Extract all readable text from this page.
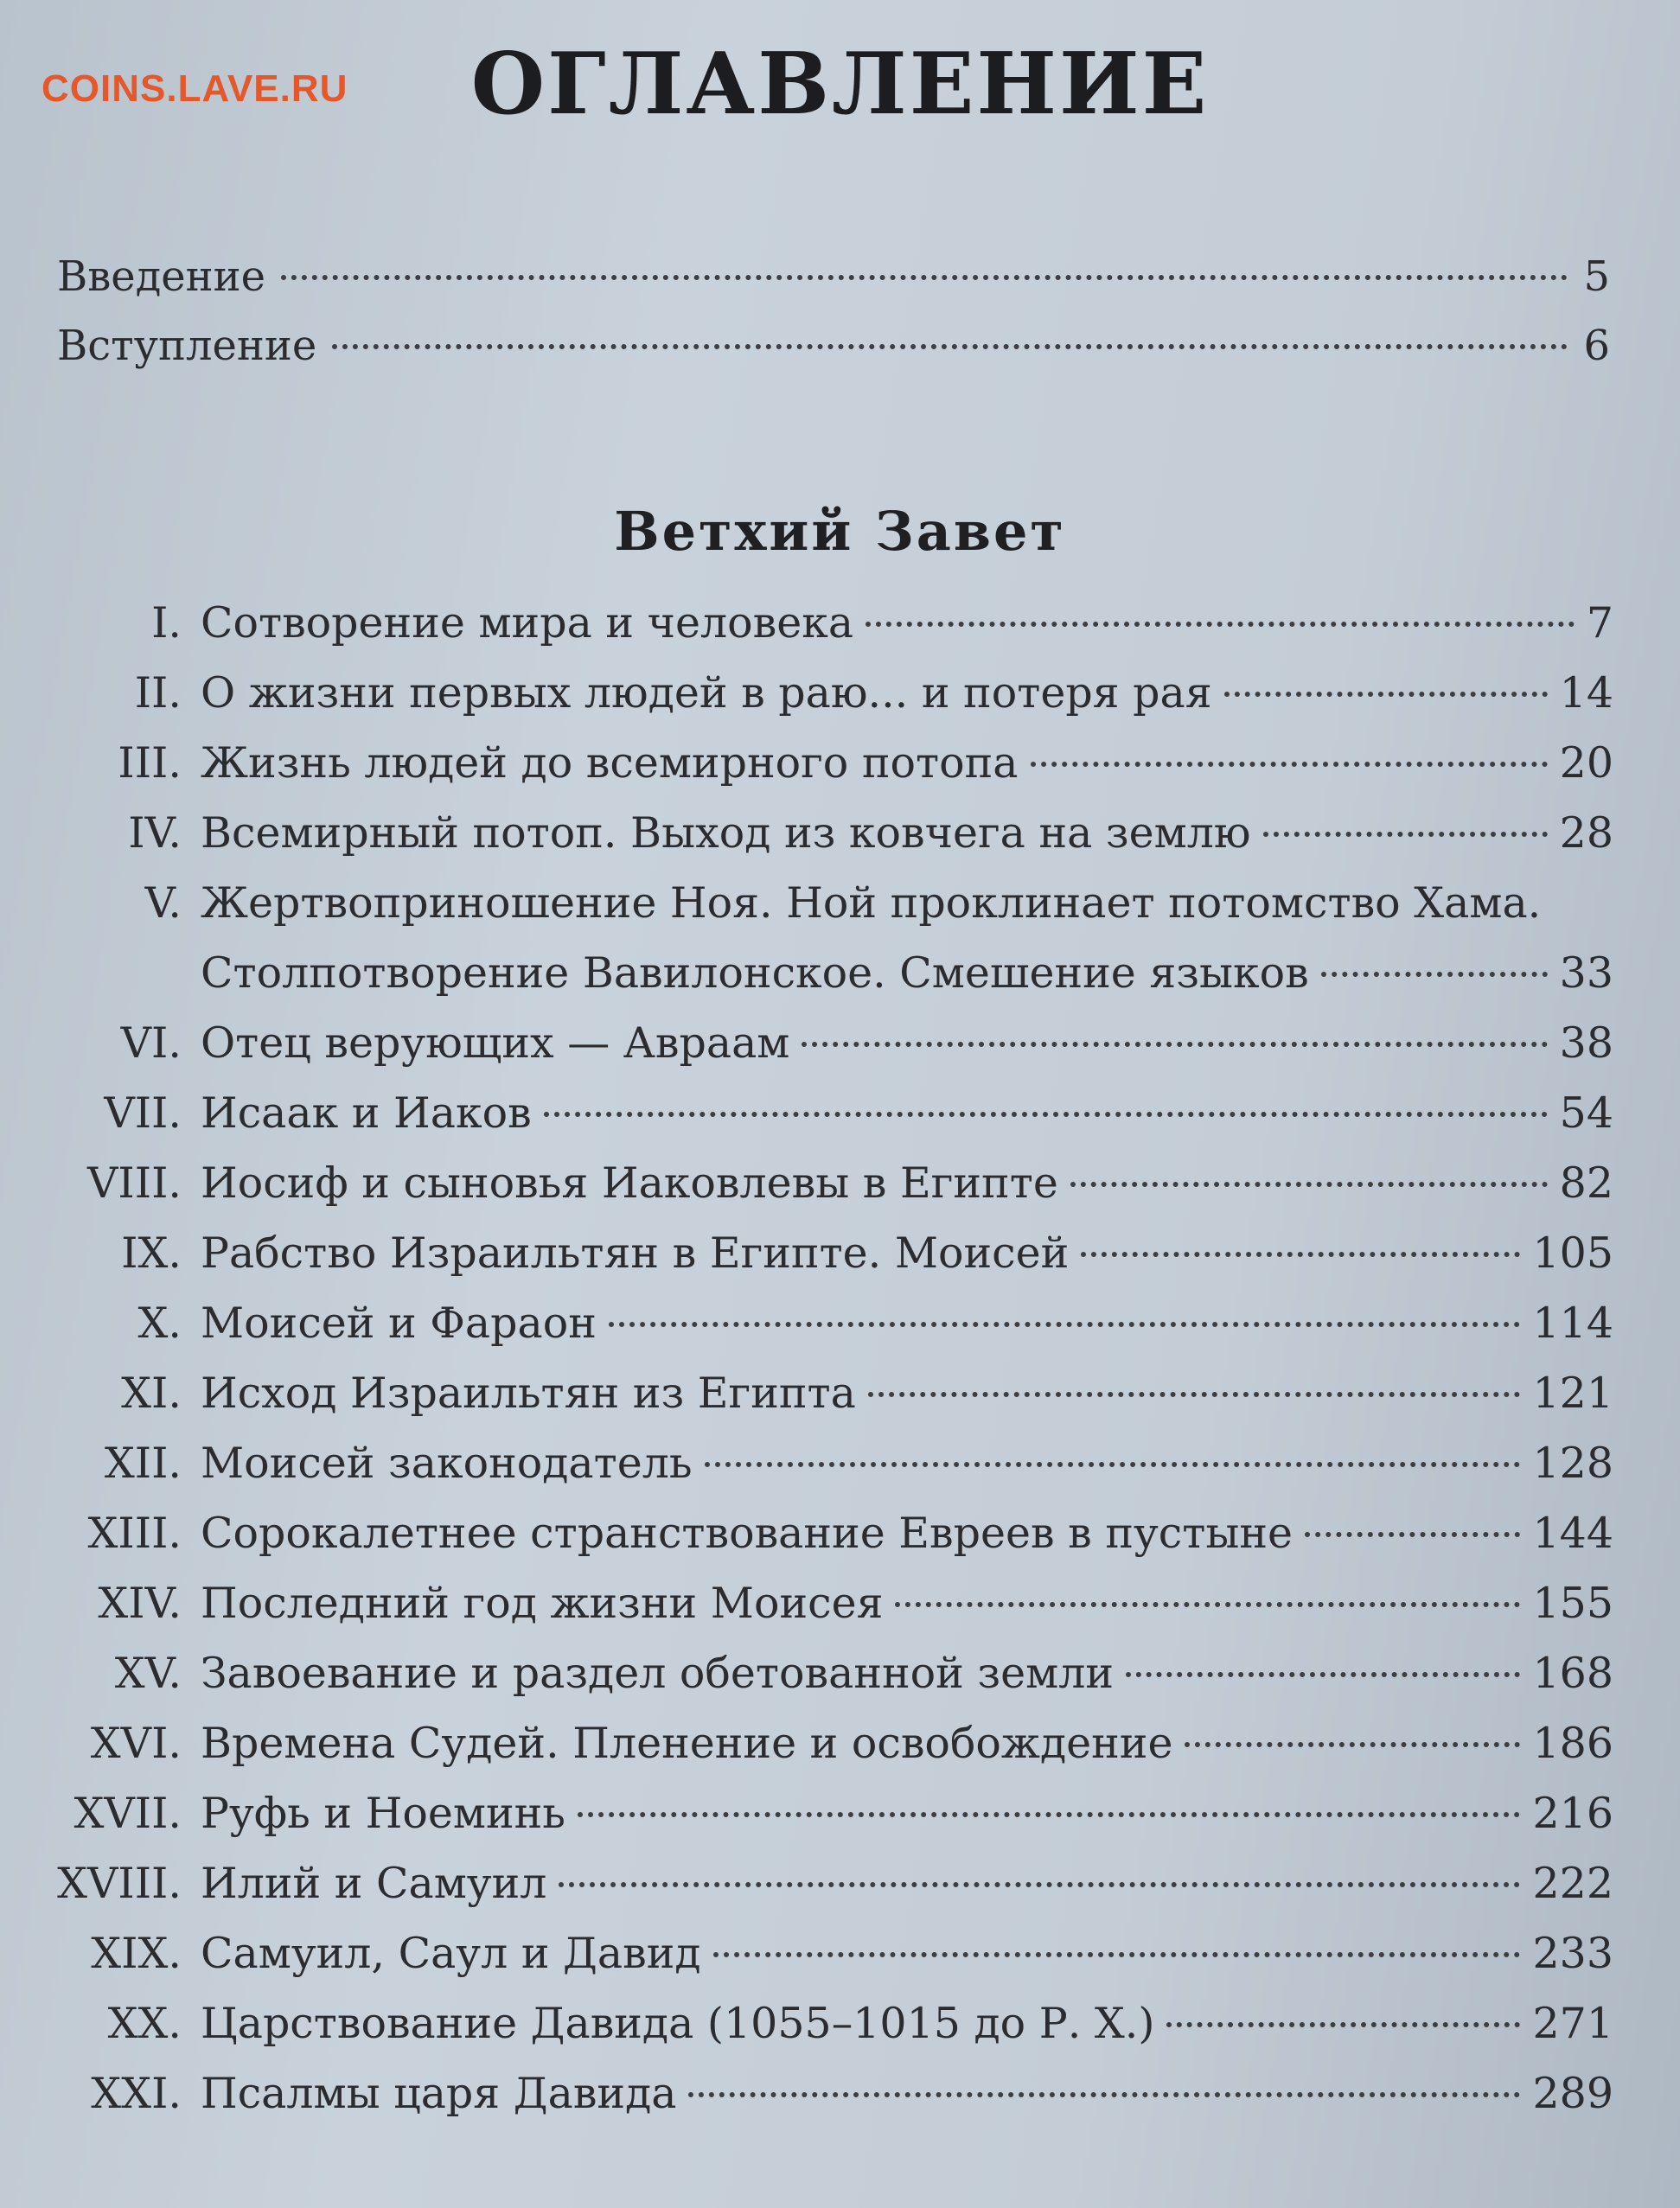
COINS.LAVE.RU	ОГЛАВЛЕНИЕ
Введение	5
Вступление	6
Ветхий Завет
I. Сотворение мира и человека	7
II. О жизни первых людей в раю... и потеря рая	14
III. Жизнь людей до всемирного потопа	20
IV. Всемирный потоп. Выход из ковчега на землю	28
V. Жертвоприношение Ноя. Ной проклинает потомство Хама.
Столпотворение Вавилонское. Смешение языков	33
VI. Отец верующих — Авраам	38
VII. Исаак и Иаков	54
VIII. Иосиф и сыновья Иаковлевы в Египте	82
IX. Рабство Израильтян в Египте. Моисей	105
X. Моисей и Фараон	114
XI. Исход Израильтян из Египта	121
XII. Моисей законодатель	128
XIII. Сорокалетнее странствование Евреев в пустыне	144
XIV. Последний год жизни Моисея	155
XV. Завоевание и раздел обетованной земли	168
XVI. Времена Судей. Пленение и освобождение	186
XVII. Руфь и Ноеминь	216
XVIII. Илий и Самуил	222
XIX. Самуил, Саул и Давид	233
XX. Царствование Давида (1055–1015 до Р. Х.)	271
XXI. Псалмы царя Давида	289
